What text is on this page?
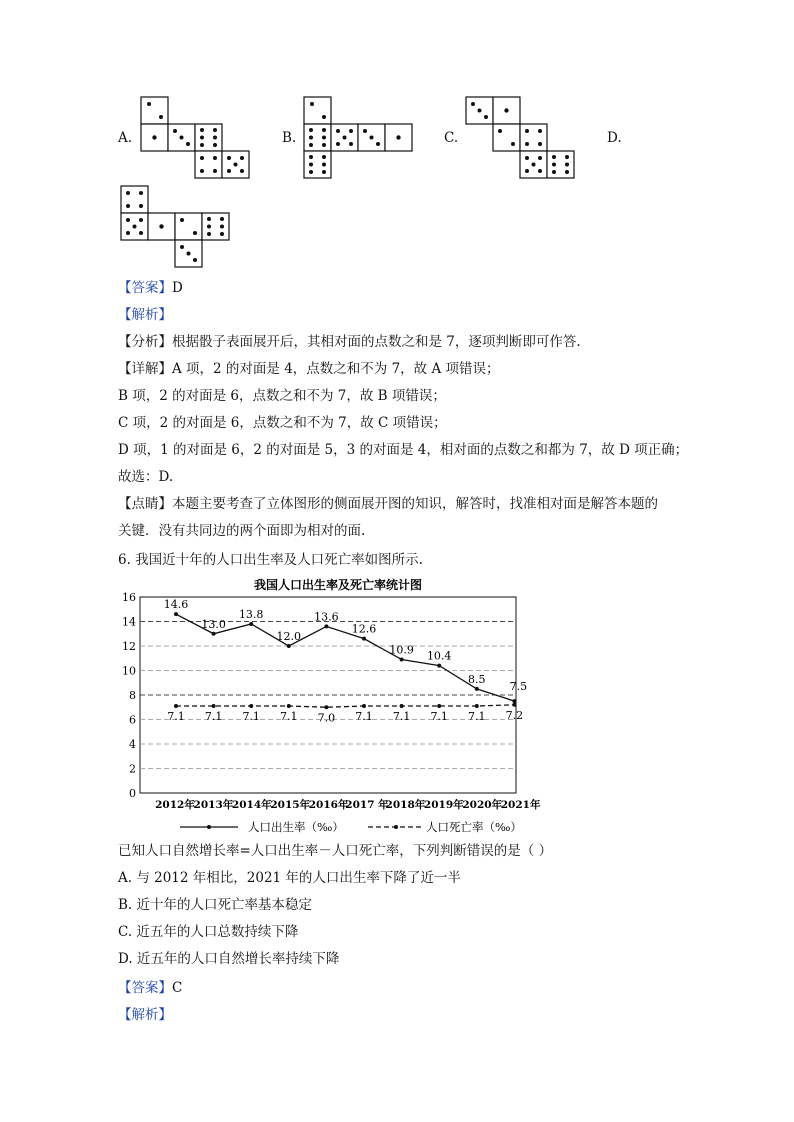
A.	B.	C.	D.
【答案】D
【解析】
【分析】根据骰子表面展开后，其相对面的点数之和是 7，逐项判断即可作答.
【详解】A 项，2 的对面是 4，点数之和不为 7，故 A 项错误；
B 项，2 的对面是 6，点数之和不为 7，故 B 项错误；
C 项，2 的对面是 6，点数之和不为 7，故 C 项错误；
D 项，1 的对面是 6，2 的对面是 5，3 的对面是 4，相对面的点数之和都为 7，故 D 项正确；
故选：D.
【点睛】本题主要考查了立体图形的侧面展开图的知识，解答时，找准相对面是解答本题的
关键．没有共同边的两个面即为相对的面.
6. 我国近十年的人口出生率及人口死亡率如图所示.
我国人口出生率及死亡率统计图
0
2
4
6
8
10
12
14
16
2012年
2013年
2014年
2015年
2016年
2017 年
2018年
2019年
2020年
2021年
14.6
13.0
13.8
12.0
13.6
12.6
10.9 10.4
8.5
7.5
7.1 7.1 7.1 7.1 7.0 7.1 7.1 7.1 7.1 7.2
人口出生率（‰）	人口死亡率（‰）
已知人口自然增长率=人口出生率－人口死亡率，下列判断错误的是（ ）
A. 与 2012 年相比，2021 年的人口出生率下降了近一半
B. 近十年的人口死亡率基本稳定
C. 近五年的人口总数持续下降
D. 近五年的人口自然增长率持续下降
【答案】C
【解析】
